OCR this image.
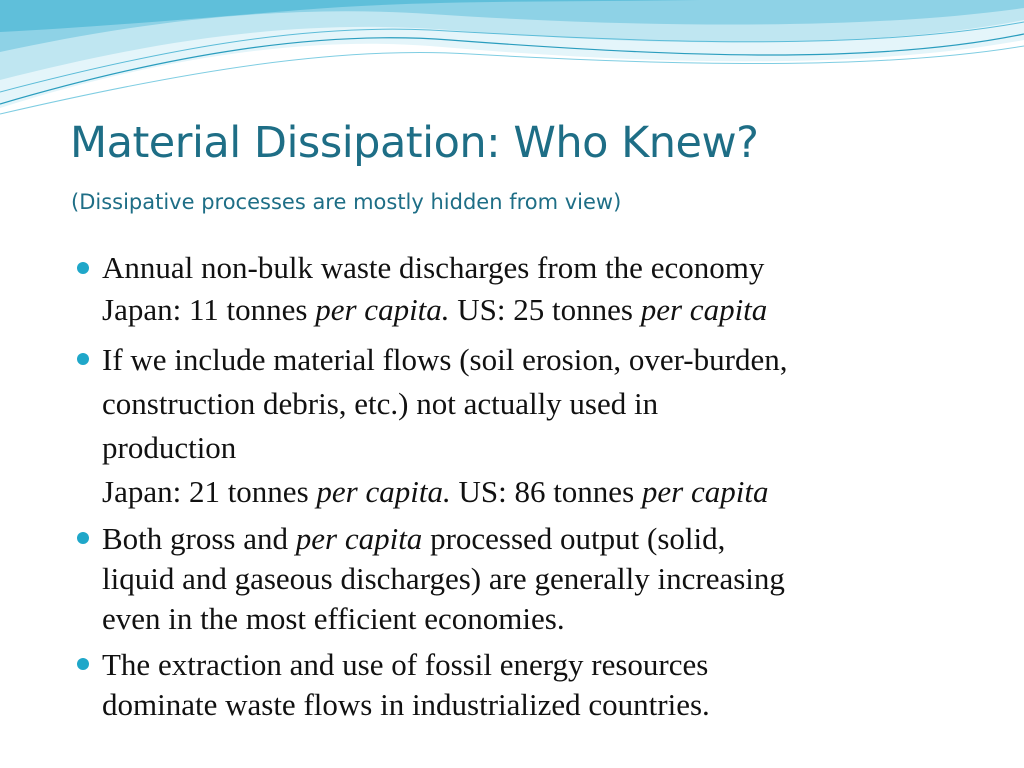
Material Dissipation: Who Knew?
(Dissipative processes are mostly hidden from view)
Annual non-bulk waste discharges from the economy
Japan: 11 tonnes per capita. US: 25 tonnes per capita
If we include material flows (soil erosion, over-burden,
construction debris, etc.) not actually used in
production
Japan: 21 tonnes per capita. US: 86 tonnes per capita
Both gross and per capita processed output (solid,
liquid and gaseous discharges) are generally increasing
even in the most efficient economies.
The extraction and use of fossil energy resources
dominate waste flows in industrialized countries.
